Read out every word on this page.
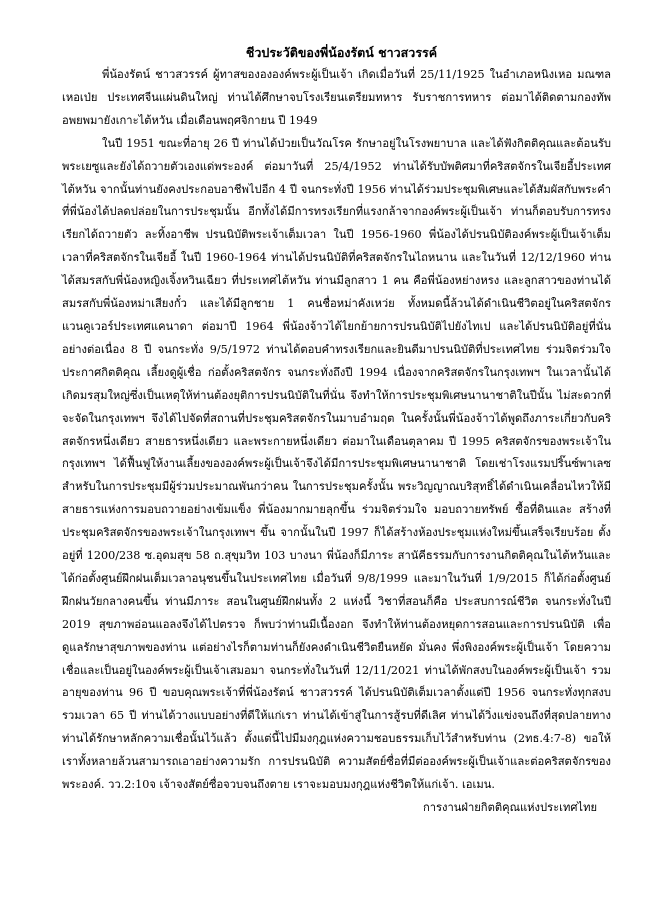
ชีวประวัติของพี่น้องรัตน์ ชาวสวรรค์

พี่น้องรัตน์ ชาวสวรรค์ ผู้ทาสของององค์พระผู้เป็นเจ้า เกิดเมื่อวันที่ 25/11/1925 ในอำเภอหนิงเหอ มณฑลเหอเป่ย ประเทศจีนแผ่นดินใหญ่ ท่านได้ศึกษาจบโรงเรียนเตรียมทหาร รับราชการทหาร ต่อมาได้ติดตามกองทัพอพยพมายังเกาะไต้หวัน เมื่อเดือนพฤศจิกายน ปี 1949

ในปี 1951 ขณะที่อายุ 26 ปี ท่านได้ป่วยเป็นวัณโรค รักษาอยู่ในโรงพยาบาล และได้ฟังกิตติคุณและต้อนรับพระเยซูและยังได้ถวายตัวเองแด่พระองค์ ต่อมาวันที่ 25/4/1952 ท่านได้รับบัพติศมาที่คริสตจักรในเจียอี้ประเทศไต้หวัน จากนั้นท่านยังคงประกอบอาชีพไปอีก 4 ปี จนกระทั่งปี 1956 ท่านได้ร่วมประชุมพิเศษและได้สัมผัสกับพระคำที่พี่น้องได้ปลดปล่อยในการประชุมนั้น อีกทั้งได้มีการทรงเรียกที่แรงกล้าจากองค์พระผู้เป็นเจ้า ท่านก็ตอบรับการทรงเรียกได้ถวายตัว ละทิ้งอาชีพ ปรนนิบัติพระเจ้าเต็มเวลา ในปี 1956-1960 พี่น้องได้ปรนนิบัติองค์พระผู้เป็นเจ้าเต็มเวลาที่คริสตจักรในเจียอี้ ในปี 1960-1964 ท่านได้ปรนนิบัติที่คริสตจักรในไถหนาน และในวันที่ 12/12/1960 ท่านได้สมรสกับพี่น้องหญิงเจิ้งหวินเฉียว ที่ประเทศไต้หวัน ท่านมีลูกสาว 1 คน คือพี่น้องหย่างหรง และลูกสาวของท่านได้สมรสกับพี่น้องหม่าเสียงกั๋ว และได้มีลูกชาย 1 คนชื่อหม่าคังเหว่ย ทั้งหมดนี้ล้วนได้ดำเนินชีวิตอยู่ในคริสตจักรแวนคูเวอร์ประเทศแคนาดา ต่อมาปี 1964 พี่น้องจ้าวได้ไยกย้ายการปรนนิบัติไปยังไทเป และได้ปรนนิบัติอยู่ที่นั่นอย่างต่อเนื่อง 8 ปี จนกระทั่ง 9/5/1972 ท่านได้ตอบคำทรงเรียกและยินดีมาปรนนิบัติที่ประเทศไทย ร่วมจิตร่วมใจประกาศกิตติคุณ เลี้ยงดูผู้เชื่อ ก่อตั้งคริสตจักร จนกระทั่งถึงปี 1994 เนื่องจากคริสตจักรในกรุงเทพฯ ในเวลานั้นได้เกิดมรสุมใหญ่ซึ่งเป็นเหตุให้ท่านต้องยุติการปรนนิบัติในที่นั่น จึงทำให้การประชุมพิเศษนานาชาติในปีนั้น ไม่สะดวกที่จะจัดในกรุงเทพฯ จึงได้ไปจัดที่สถานที่ประชุมคริสตจักรในมาบอำมฤต ในครั้งนั้นพี่น้องจ้าวได้พูดถึงภาระเกี่ยวกับคริสตจักรหนึ่งเดียว สายธารหนึ่งเดียว และพระกายหนึ่งเดียว ต่อมาในเดือนตุลาคม ปี 1995 คริสตจักรของพระเจ้าในกรุงเทพฯ ได้ฟื้นฟูให้งานเลี้ยงขององค์พระผู้เป็นเจ้าจึงได้มีการประชุมพิเศษนานาชาติ โดยเช่าโรงแรมปริ๊นซ์พาเลซ สำหรับในการประชุมมีผู้ร่วมประมาณพันกว่าคน ในการประชุมครั้งนั้น พระวิญญาณบริสุทธิ์ได้ดำเนินเคลื่อนไหวให้มีสายธารแห่งการมอบถวายอย่างเข้มแข็ง พี่น้องมากมายลุกขึ้น ร่วมจิตร่วมใจ มอบถวายทรัพย์ ซื้อที่ดินและ สร้างที่ประชุมคริสตจักรของพระเจ้าในกรุงเทพฯ ขึ้น จากนั้นในปี 1997 ก็ได้สร้างห้องประชุมแห่งใหม่ขึ้นเสร็จเรียบร้อย ตั้งอยู่ที่ 1200/238 ซ.อุดมสุข 58 ถ.สุขุมวิท 103 บางนา พี่น้องก็มีภาระ สานัคีธรรมกับการงานกิตติคุณในไต้หวันและ ได้ก่อตั้งศูนย์ฝึกฝนเต็มเวลาอนุชนขึ้นในประเทศไทย เมื่อวันที่ 9/8/1999 และมาในวันที่ 1/9/2015 ก็ได้ก่อตั้งศูนย์ฝึกฝนวัยกลางคนขึ้น ท่านมีภาระ สอนในศูนย์ฝึกฝนทั้ง 2 แห่งนี้ วิชาที่สอนก็คือ ประสบการณ์ชีวิต จนกระทั่งในปี 2019 สุขภาพอ่อนแอลงจึงได้ไปตรวจ ก็พบว่าท่านมีเนื้องอก จึงทำให้ท่านต้องหยุดการสอนและการปรนนิบัติ เพื่อดูแลรักษาสุขภาพของท่าน แต่อย่างไรก็ตามท่านก็ยังคงดำเนินชีวิตยืนหยัด มั่นคง พึ่งพิงองค์พระผู้เป็นเจ้า โดยความเชื่อและเป็นอยู่ในองค์พระผู้เป็นเจ้าเสมอมา จนกระทั่งในวันที่ 12/11/2021 ท่านได้พักสงบในองค์พระผู้เป็นเจ้า รวมอายุของท่าน 96 ปี ขอบคุณพระเจ้าที่พี่น้องรัตน์ ชาวสวรรค์ ได้ปรนนิบัติเต็มเวลาตั้งแต่ปี 1956 จนกระทั่งทุกสงบ รวมเวลา 65 ปี ท่านได้วางแบบอย่างที่ดีให้แก่เรา ท่านได้เข้าสู่ในการสู้รบที่ดีเลิศ ท่านได้วิ่งแข่งจนถึงที่สุดปลายทาง ท่านได้รักษาหลักความเชื่อนั้นไว้แล้ว ตั้งแต่นี้ไปมีมงกุฎแห่งความชอบธรรมเก็บไว้สำหรับท่าน (2ทธ.4:7-8) ขอให้เราทั้งหลายล้วนสามารถเอาอย่างความรัก การปรนนิบัติ ความสัตย์ซื่อที่มีต่อองค์พระผู้เป็นเจ้าและต่อคริสตจักรของพระองค์. วว.2:10จ เจ้าจงสัตย์ซื่อจวบจนถึงตาย เราจะมอบมงกุฎแห่งชีวิตให้แก่เจ้า. เอเมน.

การงานฝ่ายกิตติคุณแห่งประเทศไทย
